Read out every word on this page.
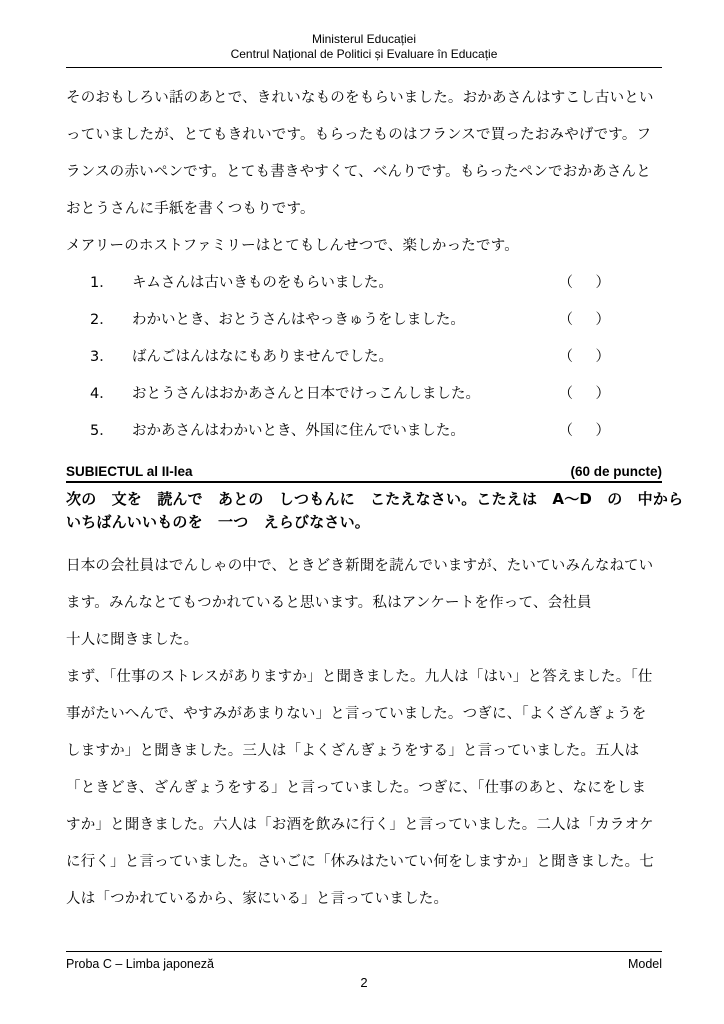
Ministerul Educației
Centrul Național de Politici și Evaluare în Educație
そのおもしろい話のあとで、きれいなものをもらいました。おかあさんはすこし古いとい
っていましたが、とてもきれいです。もらったものはフランスで買ったおみやげです。フ
ランスの赤いペンです。とても書きやすくて、べんりです。もらったペンでおかあさんと
おとうさんに手紙を書くつもりです。
メアリーのホストファミリーはとてもしんせつで、楽しかったです。
1．	キムさんは古いきものをもらいました。	（　）
2．	わかいとき、おとうさんはやっきゅうをしました。	（　）
3．	ばんごはんはなにもありませんでした。	（　）
4．	おとうさんはおかあさんと日本でけっこんしました。	（　）
5．	おかあさんはわかいとき、外国に住んでいました。	（　）
SUBIECTUL al II-lea	(60 de puncte)
次の　文を　読んで　あとの　しつもんに　こたえなさい。こたえは　A～D　の　中から
いちばんいいものを　一つ　えらびなさい。
日本の会社員はでんしゃの中で、ときどき新聞を読んでいますが、たいていみんなねてい
ます。みんなとてもつかれていると思います。私はアンケートを作って、会社員
十人に聞きました。
まず、「仕事のストレスがありますか」と聞きました。九人は「はい」と答えました。「仕
事がたいへんで、やすみがあまりない」と言っていました。つぎに、「よくざんぎょうを
しますか」と聞きました。三人は「よくざんぎょうをする」と言っていました。五人は
「ときどき、ざんぎょうをする」と言っていました。つぎに、「仕事のあと、なにをしま
すか」と聞きました。六人は「お酒を飲みに行く」と言っていました。二人は「カラオケ
に行く」と言っていました。さいごに「休みはたいてい何をしますか」と聞きました。七
人は「つかれているから、家にいる」と言っていました。
Proba C – Limba japoneză	Model
2
